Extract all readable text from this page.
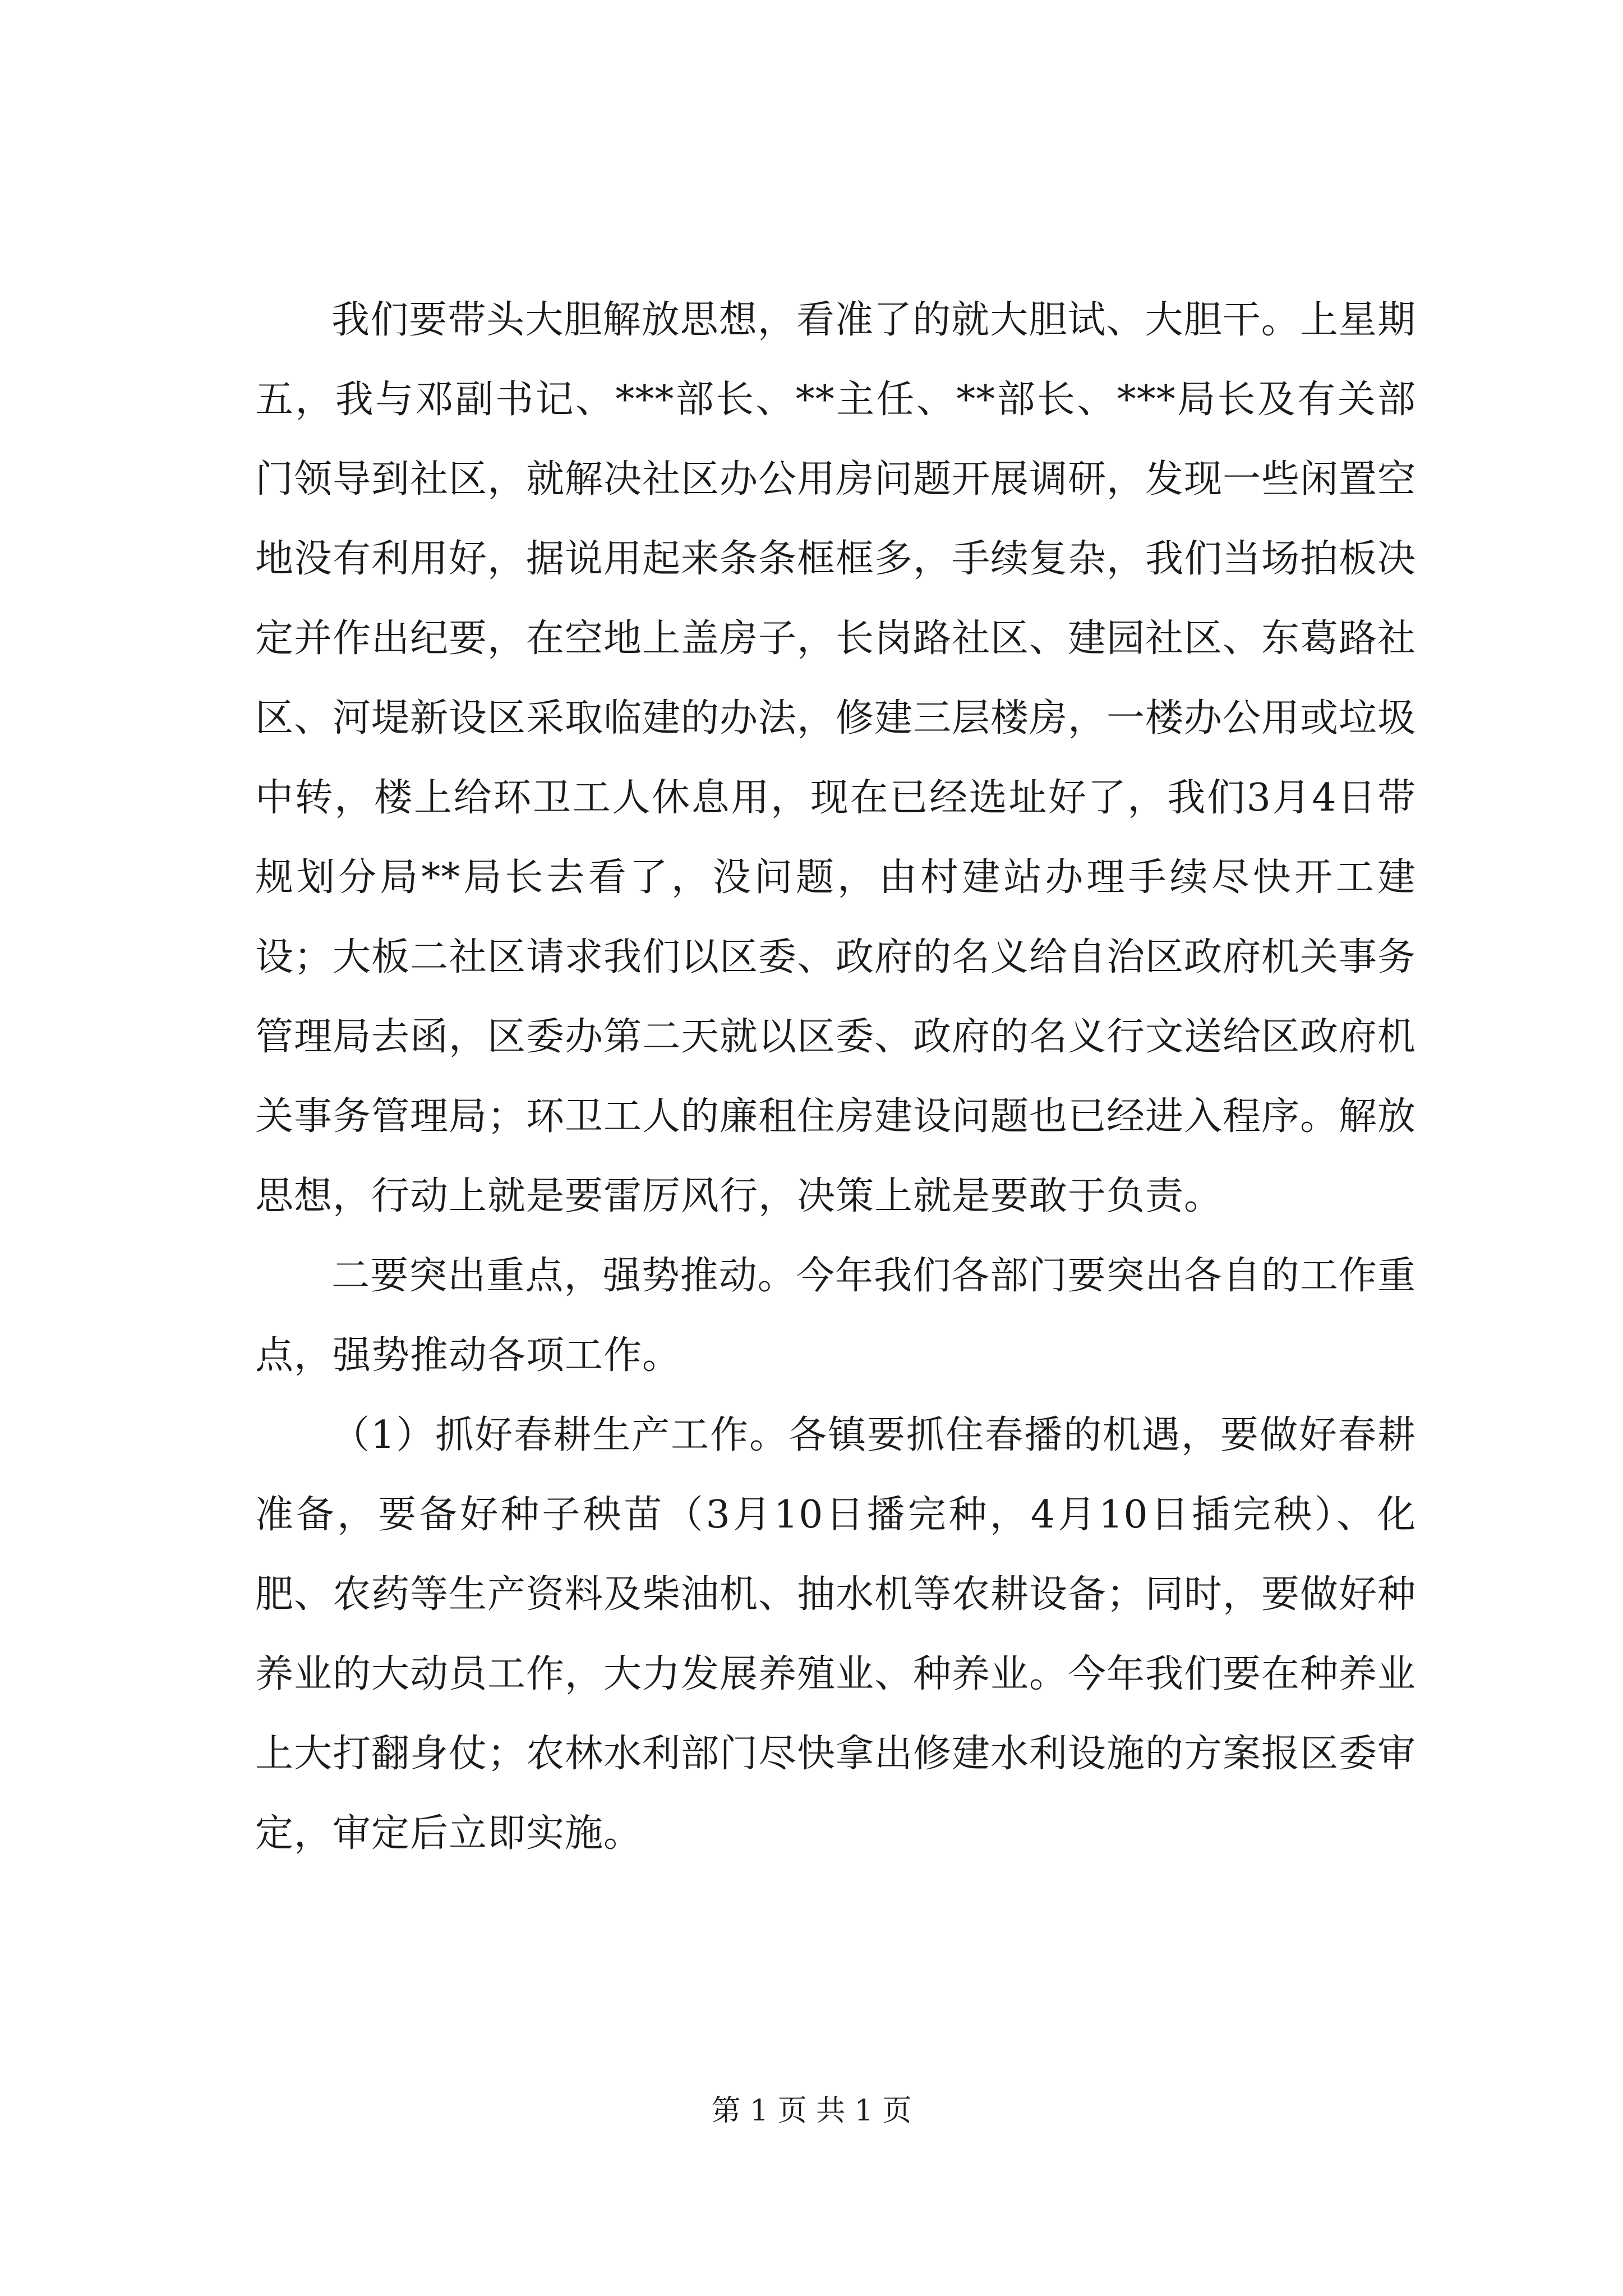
我们要带头大胆解放思想，看准了的就大胆试、大胆干。上星期五，我与邓副书记、***部长、**主任、**部长、***局长及有关部门领导到社区，就解决社区办公用房问题开展调研，发现一些闲置空地没有利用好，据说用起来条条框框多，手续复杂，我们当场拍板决定并作出纪要，在空地上盖房子，长岗路社区、建园社区、东葛路社区、河堤新设区采取临建的办法，修建三层楼房，一楼办公用或垃圾中转，楼上给环卫工人休息用，现在已经选址好了，我们3月4日带规划分局**局长去看了，没问题，由村建站办理手续尽快开工建设；大板二社区请求我们以区委、政府的名义给自治区政府机关事务管理局去函，区委办第二天就以区委、政府的名义行文送给区政府机关事务管理局；环卫工人的廉租住房建设问题也已经进入程序。解放思想，行动上就是要雷厉风行，决策上就是要敢于负责。

二要突出重点，强势推动。今年我们各部门要突出各自的工作重点，强势推动各项工作。

（1）抓好春耕生产工作。各镇要抓住春播的机遇，要做好春耕准备，要备好种子秧苗（3月10日播完种，4月10日插完秧）、化肥、农药等生产资料及柴油机、抽水机等农耕设备；同时，要做好种养业的大动员工作，大力发展养殖业、种养业。今年我们要在种养业上大打翻身仗；农林水利部门尽快拿出修建水利设施的方案报区委审定，审定后立即实施。

第 1 页 共 1 页
